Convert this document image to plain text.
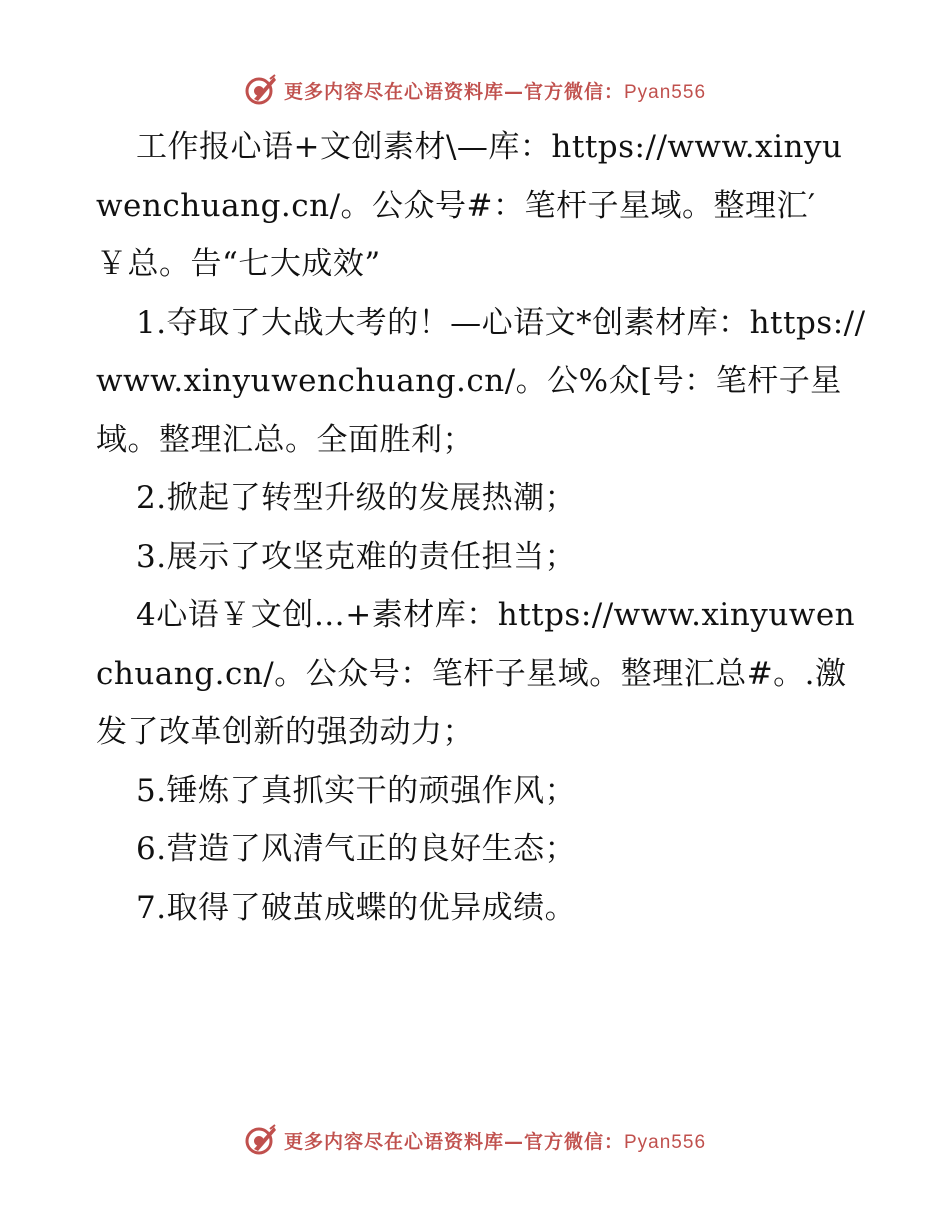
更多内容尽在心语资料库—官方微信：Pyan556

工作报心语+文创素材\—库：https://www.xinyuwenchuang.cn/。公众号#：笔杆子星域。整理汇′￥总。告“七大成效”

1.夺取了大战大考的！—心语文*创素材库：https://www.xinyuwenchuang.cn/。公%众[号：笔杆子星域。整理汇总。全面胜利；

2.掀起了转型升级的发展热潮；

3.展示了攻坚克难的责任担当；

4心语￥文创…+素材库：https://www.xinyuwenchuang.cn/。公众号：笔杆子星域。整理汇总#。.激发了改革创新的强劲动力；

5.锤炼了真抓实干的顽强作风；

6.营造了风清气正的良好生态；

7.取得了破茧成蝶的优异成绩。

更多内容尽在心语资料库—官方微信：Pyan556
